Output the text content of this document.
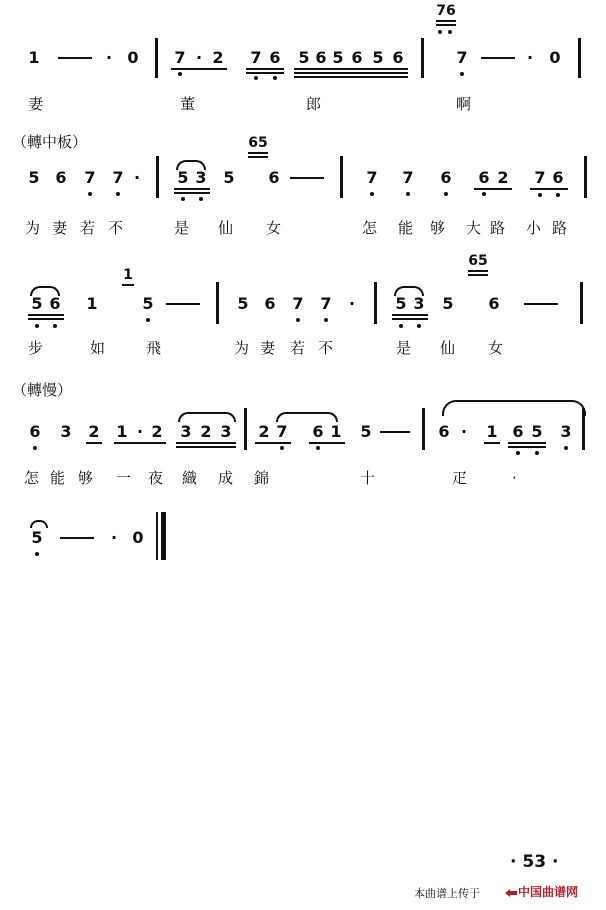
1	· 0 7 · 2 7 6 5 6 5 6 5 6
76
7	· 0
妻	董	郎	啊
（轉中板）
5 6 7 7 · 5 3 5
65
6	7 7 6 6 2 7 6
为 妻 若 不	是 仙 女	怎 能 够 大 路 小 路
5 6 1
1
5	5 6 7 7 ·	5 3 5
65
6
步	如	飛	为 妻 若 不	是 仙 女
（轉慢）
6 3 2 1 · 2 3 2 3 2 7 6 1 5	6 · 1 6 5 3
怎 能 够 一 夜 織 成 錦	十	疋	·
5	· 0
· 53 ·
本曲谱上传于	中国曲谱网
